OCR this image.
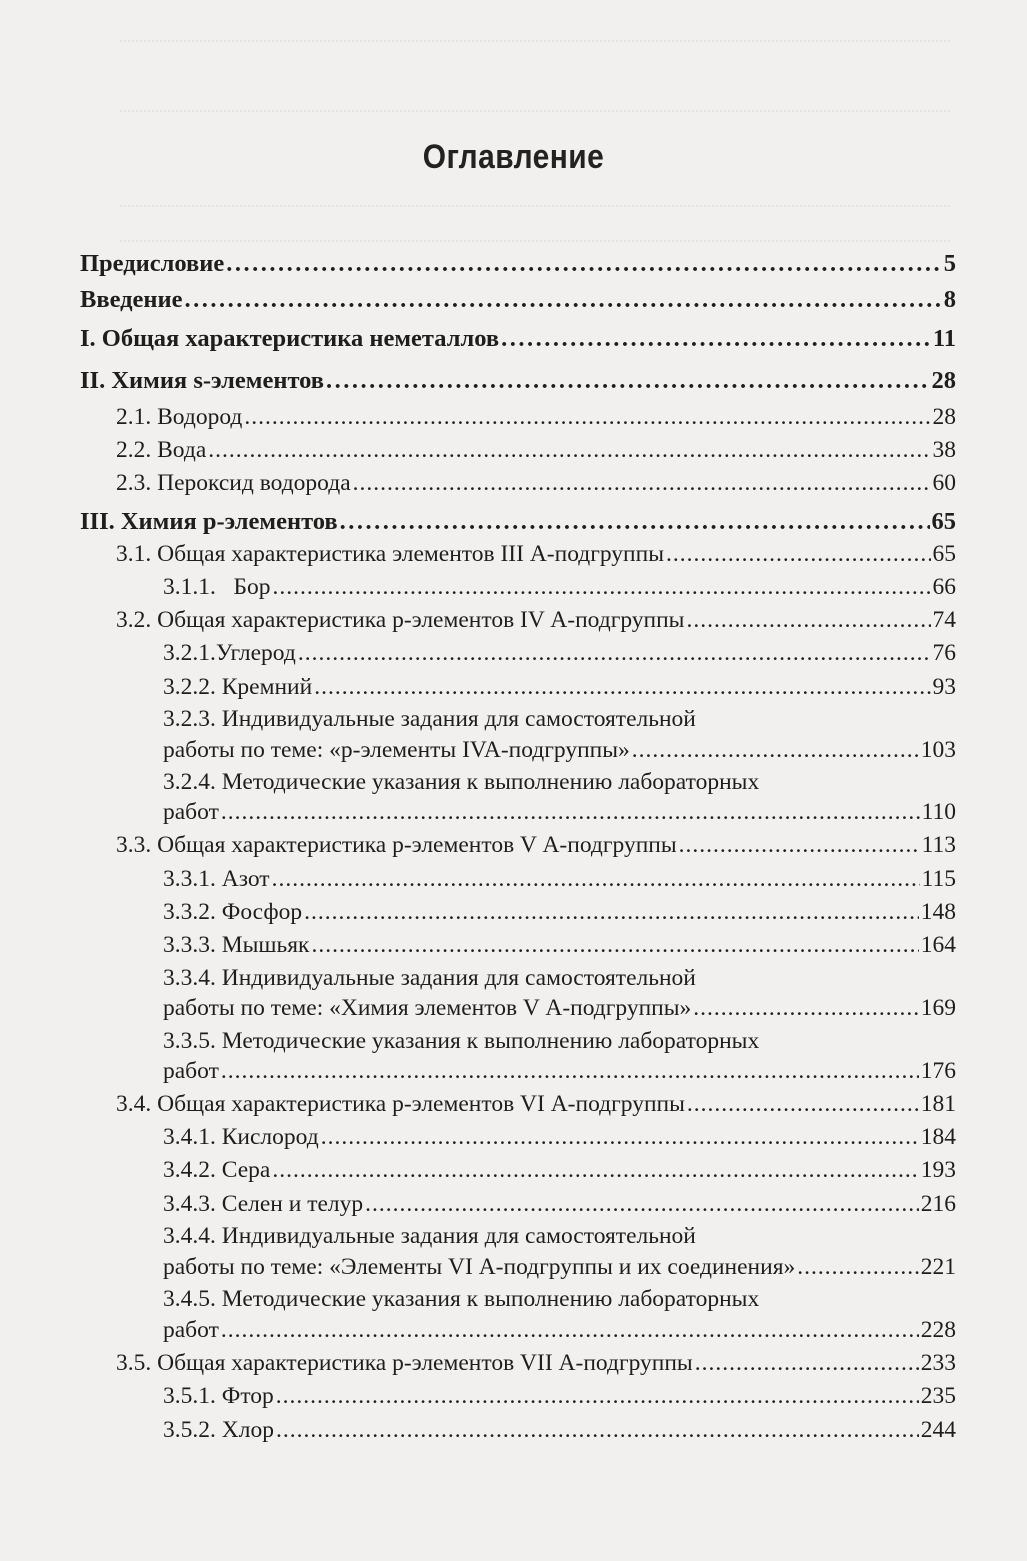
Оглавление
Предисловие .....	5
Введение .....	8
I. Общая характеристика неметаллов .....	11
II. Химия s-элементов .....	28
2.1. Водород .....	28
2.2. Вода .....	38
2.3. Пероксид водорода .....	60
III. Химия p-элементов .....	65
3.1. Общая характеристика элементов III А-подгруппы .....	65
3.1.1.   Бор .....	66
3.2. Общая характеристика p-элементов IV А-подгруппы .....	74
3.2.1.Углерод .....	76
3.2.2. Кремний .....	93
3.2.3. Индивидуальные задания для самостоятельной
работы по теме: «p-элементы IVA-подгруппы» .....	103
3.2.4. Методические указания к выполнению лабораторных
работ .....	110
3.3. Общая характеристика p-элементов V А-подгруппы .....	113
3.3.1. Азот .....	115
3.3.2. Фосфор .....	148
3.3.3. Мышьяк .....	164
3.3.4. Индивидуальные задания для самостоятельной
работы по теме: «Химия элементов V А-подгруппы» .....	169
3.3.5. Методические указания к выполнению лабораторных
работ .....	176
3.4. Общая характеристика p-элементов VI А-подгруппы .....	181
3.4.1. Кислород .....	184
3.4.2. Сера .....	193
3.4.3. Селен и телур .....	216
3.4.4. Индивидуальные задания для самостоятельной
работы по теме: «Элементы VI А-подгруппы и их соединения» .....	221
3.4.5. Методические указания к выполнению лабораторных
работ .....	228
3.5. Общая характеристика p-элементов VII А-подгруппы .....	233
3.5.1. Фтор .....	235
3.5.2. Хлор .....	244
